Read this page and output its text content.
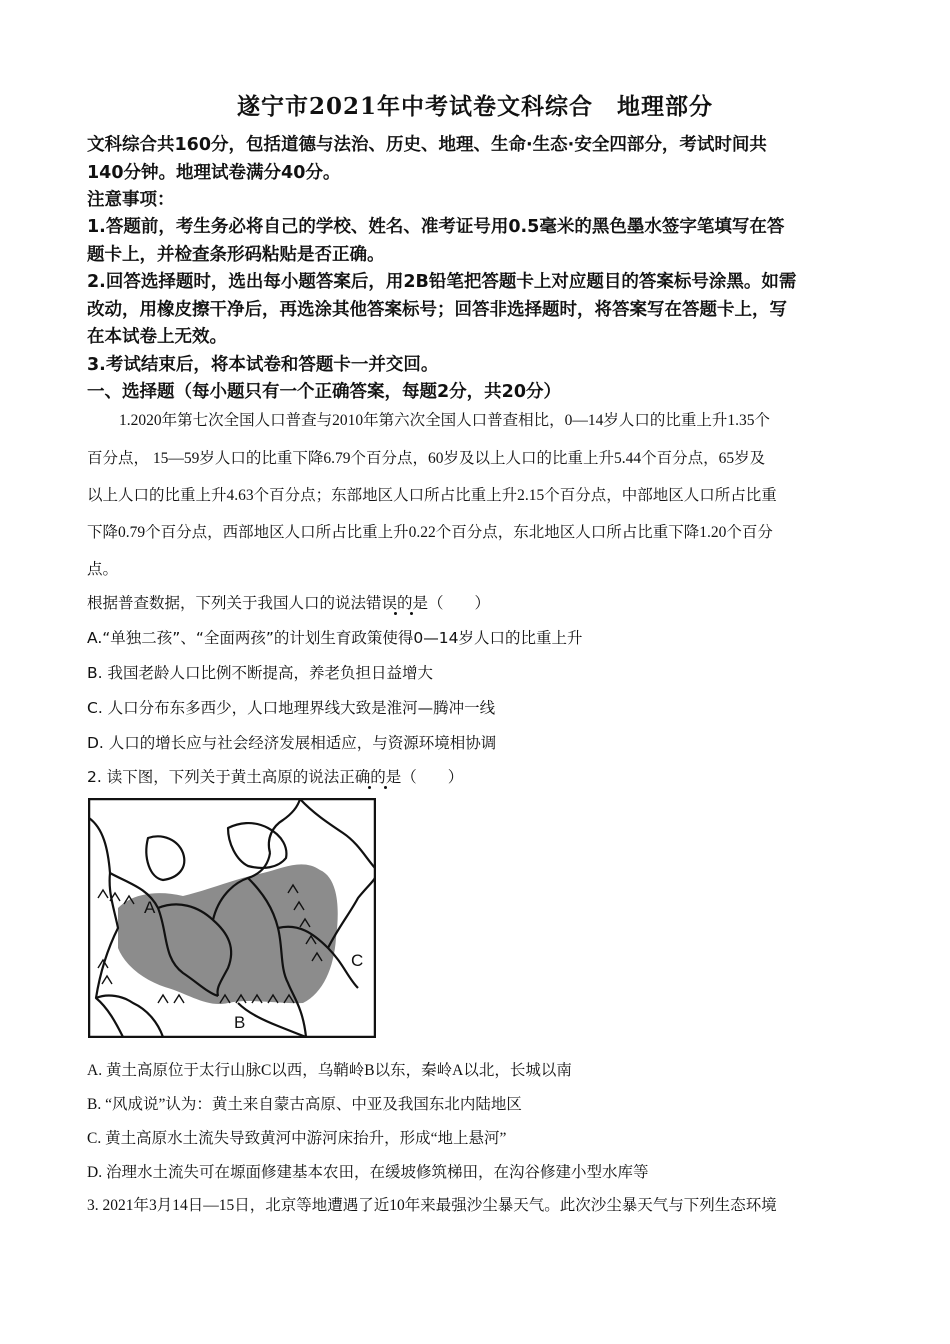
遂宁市2021年中考试卷文科综合　地理部分
文科综合共160分，包括道德与法治、历史、地理、生命·生态·安全四部分，考试时间共
140分钟。地理试卷满分40分。
注意事项：
1.答题前，考生务必将自己的学校、姓名、准考证号用0.5毫米的黑色墨水签字笔填写在答
题卡上，并检查条形码粘贴是否正确。
2.回答选择题时，选出每小题答案后，用2B铅笔把答题卡上对应题目的答案标号涂黑。如需
改动，用橡皮擦干净后，再选涂其他答案标号；回答非选择题时，将答案写在答题卡上，写
在本试卷上无效。
3.考试结束后，将本试卷和答题卡一并交回。
一、选择题（每小题只有一个正确答案，每题2分，共20分）
1.2020年第七次全国人口普查与2010年第六次全国人口普查相比，0—14岁人口的比重上升1.35个
百分点， 15—59岁人口的比重下降6.79个百分点，60岁及以上人口的比重上升5.44个百分点，65岁及
以上人口的比重上升4.63个百分点；东部地区人口所占比重上升2.15个百分点，中部地区人口所占比重
下降0.79个百分点，西部地区人口所占比重上升0.22个百分点，东北地区人口所占比重下降1.20个百分
点。
根据普查数据，下列关于我国人口的说法错误的是（　　）
A.“单独二孩”、“全面两孩”的计划生育政策使得0—14岁人口的比重上升
B. 我国老龄人口比例不断提高，养老负担日益增大
C. 人口分布东多西少，人口地理界线大致是淮河—腾冲一线
D. 人口的增长应与社会经济发展相适应，与资源环境相协调
2. 读下图，下列关于黄土高原的说法正确的是（　　）
A
B
C
A. 黄土高原位于太行山脉C以西，乌鞘岭B以东，秦岭A以北，长城以南
B. “风成说”认为：黄土来自蒙古高原、中亚及我国东北内陆地区
C. 黄土高原水土流失导致黄河中游河床抬升，形成“地上悬河”
D. 治理水土流失可在塬面修建基本农田，在缓坡修筑梯田，在沟谷修建小型水库等
3. 2021年3月14日—15日，北京等地遭遇了近10年来最强沙尘暴天气。此次沙尘暴天气与下列生态环境
